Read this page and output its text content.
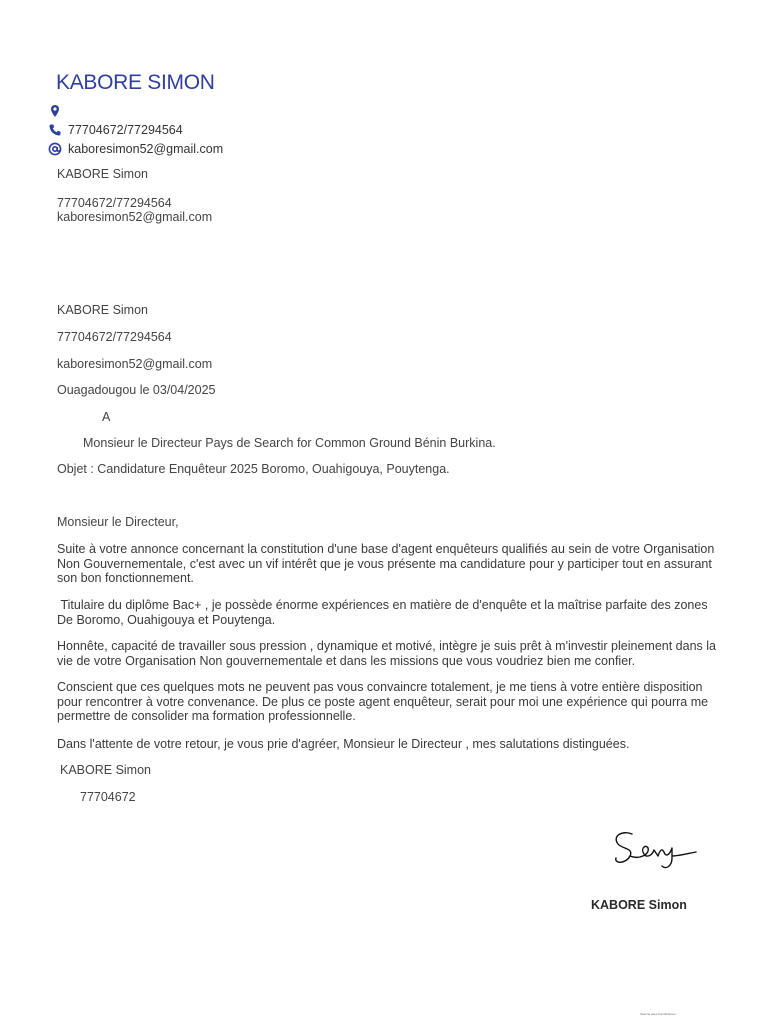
KABORE SIMON
77704672/77294564
kaboresimon52@gmail.com
KABORE Simon
77704672/77294564
kaboresimon52@gmail.com
KABORE Simon
77704672/77294564
kaboresimon52@gmail.com
Ouagadougou le 03/04/2025
A
Monsieur le Directeur Pays de Search for Common Ground Bénin Burkina.
Objet : Candidature Enquêteur 2025 Boromo, Ouahigouya, Pouytenga.
Monsieur le Directeur,
Suite à votre annonce concernant la constitution d'une base d'agent enquêteurs qualifiés au sein de votre Organisation Non Gouvernementale, c'est avec un vif intérêt que je vous présente ma candidature pour y participer tout en assurant son bon fonctionnement.
Titulaire du diplôme Bac+ , je possède énorme expériences en matière de d'enquête et la maîtrise parfaite des zones De Boromo, Ouahigouya et Pouytenga.
Honnête, capacité de travailler sous pression , dynamique et motivé, intègre je suis prêt à m'investir pleinement dans la vie de votre Organisation Non gouvernementale et dans les missions que vous voudriez bien me confier.
Conscient que ces quelques mots ne peuvent pas vous convaincre totalement, je me tiens à votre entière disposition pour rencontrer à votre convenance. De plus ce poste agent enquêteur, serait pour moi une expérience qui pourra me permettre de consolider ma formation professionnelle.
Dans l'attente de votre retour, je vous prie d'agréer, Monsieur le Directeur , mes salutations distinguées.
KABORE Simon
77704672
KABORE Simon
Scanné avec CamScanner
